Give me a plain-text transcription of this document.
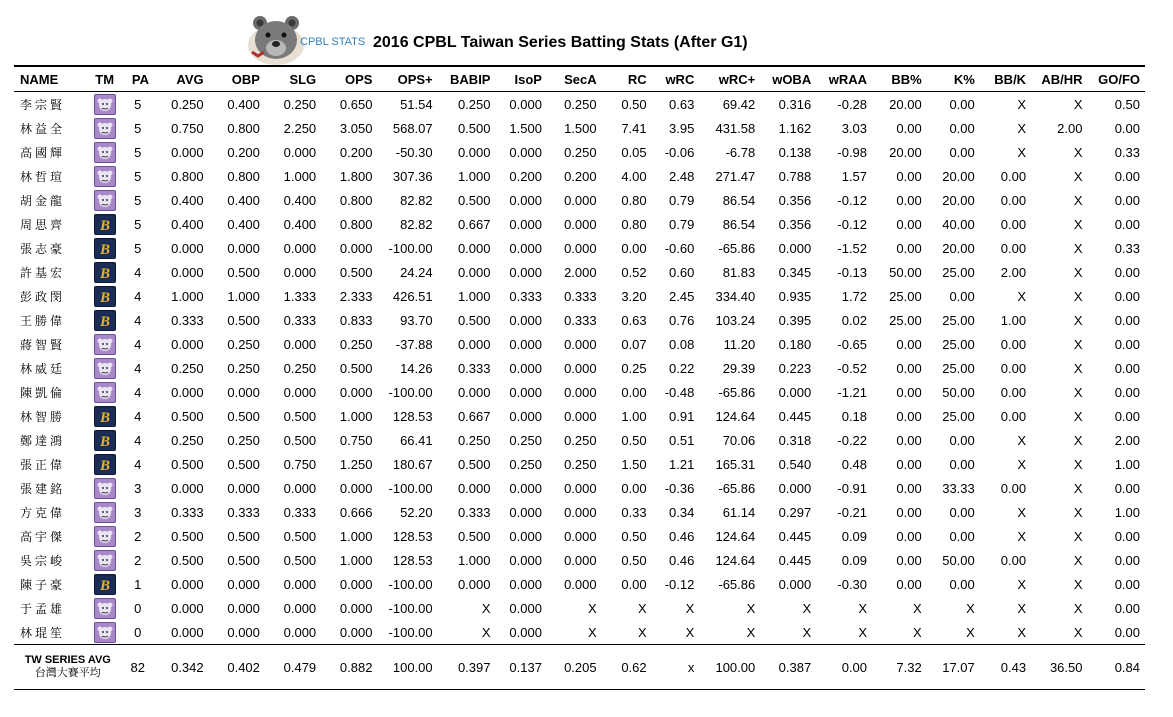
CPBL STATS 2016 CPBL Taiwan Series Batting Stats (After G1)
NAME	TM	PA	AVG	OBP	SLG	OPS	OPS+	BABIP	IsoP	SecA	RC	wRC	wRC+	wOBA	wRAA	BB%	K%	BB/K	AB/HR	GO/FO
李宗賢		5	0.250	0.400	0.250	0.650	51.54	0.250	0.000	0.250	0.50	0.63	69.42	0.316	-0.28	20.00	0.00	X	X	0.50
林益全		5	0.750	0.800	2.250	3.050	568.07	0.500	1.500	1.500	7.41	3.95	431.58	1.162	3.03	0.00	0.00	X	2.00	0.00
高國輝		5	0.000	0.200	0.000	0.200	-50.30	0.000	0.000	0.250	0.05	-0.06	-6.78	0.138	-0.98	20.00	0.00	X	X	0.33
林哲瑄		5	0.800	0.800	1.000	1.800	307.36	1.000	0.200	0.200	4.00	2.48	271.47	0.788	1.57	0.00	20.00	0.00	X	0.00
胡金龍		5	0.400	0.400	0.400	0.800	82.82	0.500	0.000	0.000	0.80	0.79	86.54	0.356	-0.12	0.00	20.00	0.00	X	0.00
周思齊	B	5	0.400	0.400	0.400	0.800	82.82	0.667	0.000	0.000	0.80	0.79	86.54	0.356	-0.12	0.00	40.00	0.00	X	0.00
張志豪	B	5	0.000	0.000	0.000	0.000	-100.00	0.000	0.000	0.000	0.00	-0.60	-65.86	0.000	-1.52	0.00	20.00	0.00	X	0.33
許基宏	B	4	0.000	0.500	0.000	0.500	24.24	0.000	0.000	2.000	0.52	0.60	81.83	0.345	-0.13	50.00	25.00	2.00	X	0.00
彭政閔	B	4	1.000	1.000	1.333	2.333	426.51	1.000	0.333	0.333	3.20	2.45	334.40	0.935	1.72	25.00	0.00	X	X	0.00
王勝偉	B	4	0.333	0.500	0.333	0.833	93.70	0.500	0.000	0.333	0.63	0.76	103.24	0.395	0.02	25.00	25.00	1.00	X	0.00
蔣智賢		4	0.000	0.250	0.000	0.250	-37.88	0.000	0.000	0.000	0.07	0.08	11.20	0.180	-0.65	0.00	25.00	0.00	X	0.00
林威廷		4	0.250	0.250	0.250	0.500	14.26	0.333	0.000	0.000	0.25	0.22	29.39	0.223	-0.52	0.00	25.00	0.00	X	0.00
陳凱倫		4	0.000	0.000	0.000	0.000	-100.00	0.000	0.000	0.000	0.00	-0.48	-65.86	0.000	-1.21	0.00	50.00	0.00	X	0.00
林智勝	B	4	0.500	0.500	0.500	1.000	128.53	0.667	0.000	0.000	1.00	0.91	124.64	0.445	0.18	0.00	25.00	0.00	X	0.00
鄭達鴻	B	4	0.250	0.250	0.500	0.750	66.41	0.250	0.250	0.250	0.50	0.51	70.06	0.318	-0.22	0.00	0.00	X	X	2.00
張正偉	B	4	0.500	0.500	0.750	1.250	180.67	0.500	0.250	0.250	1.50	1.21	165.31	0.540	0.48	0.00	0.00	X	X	1.00
張建銘		3	0.000	0.000	0.000	0.000	-100.00	0.000	0.000	0.000	0.00	-0.36	-65.86	0.000	-0.91	0.00	33.33	0.00	X	0.00
方克偉		3	0.333	0.333	0.333	0.666	52.20	0.333	0.000	0.000	0.33	0.34	61.14	0.297	-0.21	0.00	0.00	X	X	1.00
高宇傑		2	0.500	0.500	0.500	1.000	128.53	0.500	0.000	0.000	0.50	0.46	124.64	0.445	0.09	0.00	0.00	X	X	0.00
吳宗峻		2	0.500	0.500	0.500	1.000	128.53	1.000	0.000	0.000	0.50	0.46	124.64	0.445	0.09	0.00	50.00	0.00	X	0.00
陳子豪	B	1	0.000	0.000	0.000	0.000	-100.00	0.000	0.000	0.000	0.00	-0.12	-65.86	0.000	-0.30	0.00	0.00	X	X	0.00
于孟雄		0	0.000	0.000	0.000	0.000	-100.00	X	0.000	X	X	X	X	X	X	X	X	X	X	0.00
林琨笙		0	0.000	0.000	0.000	0.000	-100.00	X	0.000	X	X	X	X	X	X	X	X	X	X	0.00

TW SERIES AVG
台灣大賽平均		82	0.342	0.402	0.479	0.882	100.00	0.397	0.137	0.205	0.62	x	100.00	0.387	0.00	7.32	17.07	0.43	36.50	0.84
